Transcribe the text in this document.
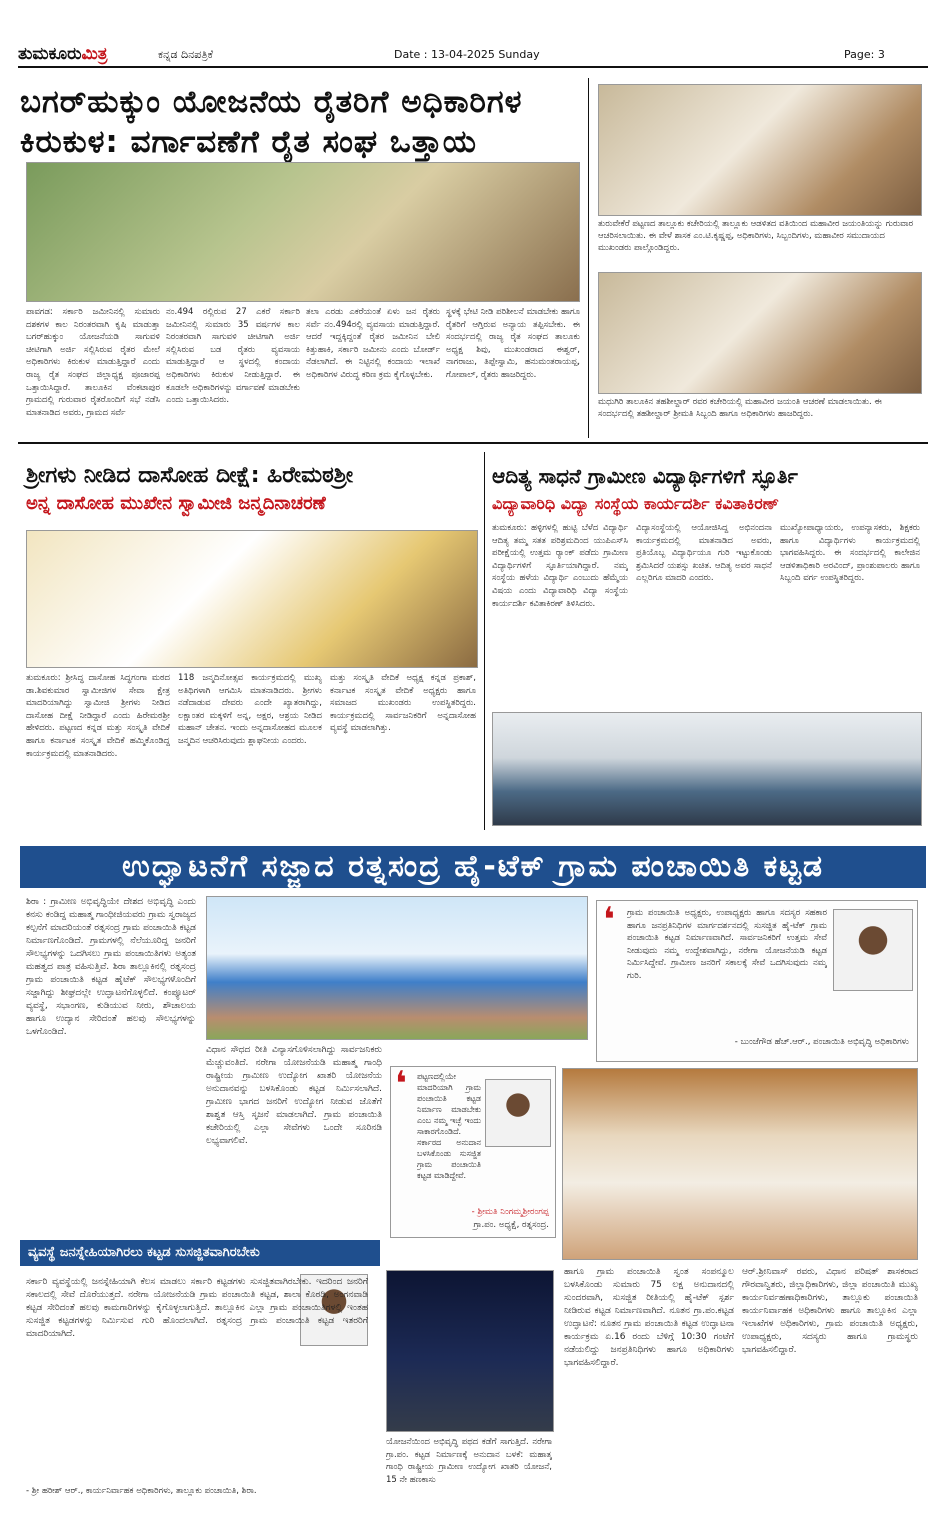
ತುಮಕೂರುಮಿತ್ರ	ಕನ್ನಡ ದಿನಪತ್ರಿಕೆ	Date : 13-04-2025 Sunday	Page: 3
ಬಗರ್‌ಹುಕ್ಕುಂ ಯೋಜನೆಯ ರೈತರಿಗೆ ಅಧಿಕಾರಿಗಳ ಕಿರುಕುಳ: ವರ್ಗಾವಣೆಗೆ ರೈತ ಸಂಘ ಒತ್ತಾಯ
ಪಾವಗಡ: ಸರ್ಕಾರಿ ಜಮೀನಿನಲ್ಲಿ ಸುಮಾರು ದಶಕಗಳ ಕಾಲ ನಿರಂತರವಾಗಿ ಕೃಷಿ ಮಾಡುತ್ತಾ ಬಗರ್‌ಹುಕ್ಕುಂ ಯೋಜನೆಯಡಿ ಸಾಗುವಳಿ ಚೀಟಿಗಾಗಿ ಅರ್ಜಿ ಸಲ್ಲಿಸಿರುವ ರೈತರ ಮೇಲೆ ಅಧಿಕಾರಿಗಳು ಕಿರುಕುಳ ಮಾಡುತ್ತಿದ್ದಾರೆ ಎಂದು ರಾಜ್ಯ ರೈತ ಸಂಘದ ಜಿಲ್ಲಾಧ್ಯಕ್ಷ ಪೂಜಾರಪ್ಪ ಒತ್ತಾಯಿಸಿದ್ದಾರೆ. ತಾಲೂಕಿನ ವೆಂಕಟಾಪುರ ಗ್ರಾಮದಲ್ಲಿ ಗುರುವಾರ ರೈತರೊಂದಿಗೆ ಸಭೆ ನಡೆಸಿ ಮಾತನಾಡಿದ ಅವರು, ಗ್ರಾಮದ ಸರ್ವೆ
ನಂ.494 ರಲ್ಲಿರುವ 27 ಎಕರೆ ಸರ್ಕಾರಿ ಜಮೀನಿನಲ್ಲಿ ಸುಮಾರು 35 ವರ್ಷಗಳ ಕಾಲ ನಿರಂತರವಾಗಿ ಸಾಗುವಳಿ ಚೀಟಿಗಾಗಿ ಅರ್ಜಿ ಸಲ್ಲಿಸಿರುವ ಬಡ ರೈತರು ವ್ಯವಸಾಯ ಮಾಡುತ್ತಿದ್ದಾರೆ ಆ ಸ್ಥಳದಲ್ಲಿ ಕಂದಾಯ ಅಧಿಕಾರಿಗಳು ಕಿರುಕುಳ ನೀಡುತ್ತಿದ್ದಾರೆ. ಈ ಕೂಡಲೇ ಅಧಿಕಾರಿಗಳನ್ನು ವರ್ಗಾವಣೆ ಮಾಡಬೇಕು ಎಂದು ಒತ್ತಾಯಿಸಿದರು.
ತಲಾ ಎರಡು ಎಕರೆಯಂತೆ ಏಳು ಜನ ರೈತರು ಸರ್ವೆ ನಂ.494ರಲ್ಲಿ ವ್ಯವಸಾಯ ಮಾಡುತ್ತಿದ್ದಾರೆ. ಆದರೆ ಇದ್ದಕ್ಕಿದ್ದಂತೆ ರೈತರ ಜಮೀನಿನ ಬೇಲಿ ಕಿತ್ತುಹಾಕಿ, ಸರ್ಕಾರಿ ಜಮೀನು ಎಂದು ಬೋರ್ಡ್ ನೆಡಲಾಗಿದೆ. ಈ ನಿಟ್ಟಿನಲ್ಲಿ ಕಂದಾಯ ಇಲಾಖೆ ಅಧಿಕಾರಿಗಳ ವಿರುದ್ಧ ಕಠಿಣ ಕ್ರಮ ಕೈಗೊಳ್ಳಬೇಕು.
ಸ್ಥಳಕ್ಕೆ ಭೇಟಿ ನೀಡಿ ಪರಿಶೀಲನೆ ಮಾಡಬೇಕು ಹಾಗೂ ರೈತರಿಗೆ ಆಗ್ತಿರುವ ಅನ್ಯಾಯ ತಪ್ಪಿಸಬೇಕು. ಈ ಸಂದರ್ಭದಲ್ಲಿ ರಾಜ್ಯ ರೈತ ಸಂಘದ ತಾಲೂಕು ಅಧ್ಯಕ್ಷ ಶಿವು, ಮುಖಂಡರಾದ ಈಶ್ವರ್, ನಾಗರಾಜು, ತಿಪ್ಪೇಸ್ವಾಮಿ, ಹನುಮಂತರಾಯಪ್ಪ, ಗೋಪಾಲ್, ರೈತರು ಹಾಜರಿದ್ದರು.
ತುರುವೇಕೆರೆ ಪಟ್ಟಣದ ತಾಲ್ಲೂಕು ಕಚೇರಿಯಲ್ಲಿ ತಾಲ್ಲೂಕು ಆಡಳಿತದ ವತಿಯಿಂದ ಮಹಾವೀರ ಜಯಂತಿಯನ್ನು ಗುರುವಾರ ಆಚರಿಸಲಾಯಿತು. ಈ ವೇಳೆ ಶಾಸಕ ಎಂ.ಟಿ.ಕೃಷ್ಣಪ್ಪ, ಅಧಿಕಾರಿಗಳು, ಸಿಬ್ಬಂದಿಗಳು, ಮಹಾವೀರ ಸಮುದಾಯದ ಮುಖಂಡರು ಪಾಲ್ಗೊಂಡಿದ್ದರು.
ಮಧುಗಿರಿ ತಾಲೂಕಿನ ತಹಶೀಲ್ದಾರ್ ರವರ ಕಚೇರಿಯಲ್ಲಿ ಮಹಾವೀರ ಜಯಂತಿ ಆಚರಣೆ ಮಾಡಲಾಯಿತು. ಈ ಸಂದರ್ಭದಲ್ಲಿ ತಹಶೀಲ್ದಾರ್ ಶ್ರೀಮತಿ ಸಿಬ್ಬಂದಿ ಹಾಗೂ ಅಧಿಕಾರಿಗಳು ಹಾಜರಿದ್ದರು.
ಶ್ರೀಗಳು ನೀಡಿದ ದಾಸೋಹ ದೀಕ್ಷೆ: ಹಿರೇಮಠಶ್ರೀ
ಅನ್ನ ದಾಸೋಹ ಮುಖೇನ ಸ್ವಾಮೀಜಿ ಜನ್ಮದಿನಾಚರಣೆ
ತುಮಕೂರು: ಶ್ರೀಸಿದ್ಧ ದಾಸೋಹ ಸಿದ್ಧಗಂಗಾ ಮಠದ ಡಾ.ಶಿವಕುಮಾರ ಸ್ವಾಮೀಜಿಗಳ ಸೇವಾ ಕ್ಷೇತ್ರ ಮಾದರಿಯಾಗಿದ್ದು ಸ್ವಾಮೀಜಿ ಶ್ರೀಗಳು ನೀಡಿದ ದಾಸೋಹ ದೀಕ್ಷೆ ನೀಡಿದ್ದಾರೆ ಎಂದು ಹಿರೇಮಠಶ್ರೀ ಹೇಳಿದರು. ಪಟ್ಟಣದ ಕನ್ನಡ ಮತ್ತು ಸಂಸ್ಕೃತಿ ವೇದಿಕೆ ಹಾಗೂ ಕರ್ನಾಟಕ ಸಂಸ್ಕೃತ ವೇದಿಕೆ ಹಮ್ಮಿಕೊಂಡಿದ್ದ ಕಾರ್ಯಕ್ರಮದಲ್ಲಿ ಮಾತನಾಡಿದರು.
118 ಜನ್ಮದಿನೋತ್ಸವ ಕಾರ್ಯಕ್ರಮದಲ್ಲಿ ಮುಖ್ಯ ಅತಿಥಿಗಳಾಗಿ ಆಗಮಿಸಿ ಮಾತನಾಡಿದರು. ಶ್ರೀಗಳು ನಡೆದಾಡುವ ದೇವರು ಎಂದೇ ಖ್ಯಾತರಾಗಿದ್ದು, ಲಕ್ಷಾಂತರ ಮಕ್ಕಳಿಗೆ ಅನ್ನ, ಅಕ್ಷರ, ಆಶ್ರಯ ನೀಡಿದ ಮಹಾನ್ ಚೇತನ. ಇಂದು ಅನ್ನದಾಸೋಹದ ಮೂಲಕ ಜನ್ಮದಿನ ಆಚರಿಸಿರುವುದು ಶ್ಲಾಘನೀಯ ಎಂದರು.
ಮತ್ತು ಸಂಸ್ಕೃತಿ ವೇದಿಕೆ ಅಧ್ಯಕ್ಷ ಕನ್ನಡ ಪ್ರಕಾಶ್, ಕರ್ನಾಟಕ ಸಂಸ್ಕೃತ ವೇದಿಕೆ ಅಧ್ಯಕ್ಷರು ಹಾಗೂ ಸಮಾಜದ ಮುಖಂಡರು ಉಪಸ್ಥಿತರಿದ್ದರು. ಕಾರ್ಯಕ್ರಮದಲ್ಲಿ ಸಾರ್ವಜನಿಕರಿಗೆ ಅನ್ನದಾಸೋಹ ವ್ಯವಸ್ಥೆ ಮಾಡಲಾಗಿತ್ತು.
ಆದಿತ್ಯ ಸಾಧನೆ ಗ್ರಾಮೀಣ ವಿದ್ಯಾರ್ಥಿಗಳಿಗೆ ಸ್ಫೂರ್ತಿ
ವಿದ್ಯಾವಾರಿಧಿ ವಿದ್ಯಾ ಸಂಸ್ಥೆಯ ಕಾರ್ಯದರ್ಶಿ ಕವಿತಾಕಿರಣ್
ತುಮಕೂರು: ಹಳ್ಳಿಗಳಲ್ಲಿ ಹುಟ್ಟಿ ಬೆಳೆದ ವಿದ್ಯಾರ್ಥಿ ಆದಿತ್ಯ ತಮ್ಮ ಸತತ ಪರಿಶ್ರಮದಿಂದ ಯುಪಿಎಸ್‌ಸಿ ಪರೀಕ್ಷೆಯಲ್ಲಿ ಉತ್ತಮ ರ‍್ಯಾಂಕ್ ಪಡೆದು ಗ್ರಾಮೀಣ ವಿದ್ಯಾರ್ಥಿಗಳಿಗೆ ಸ್ಫೂರ್ತಿಯಾಗಿದ್ದಾರೆ. ನಮ್ಮ ಸಂಸ್ಥೆಯ ಹಳೆಯ ವಿದ್ಯಾರ್ಥಿ ಎಂಬುದು ಹೆಮ್ಮೆಯ ವಿಷಯ ಎಂದು ವಿದ್ಯಾವಾರಿಧಿ ವಿದ್ಯಾ ಸಂಸ್ಥೆಯ ಕಾರ್ಯದರ್ಶಿ ಕವಿತಾಕಿರಣ್ ತಿಳಿಸಿದರು.
ವಿದ್ಯಾಸಂಸ್ಥೆಯಲ್ಲಿ ಆಯೋಜಿಸಿದ್ದ ಅಭಿನಂದನಾ ಕಾರ್ಯಕ್ರಮದಲ್ಲಿ ಮಾತನಾಡಿದ ಅವರು, ಪ್ರತಿಯೊಬ್ಬ ವಿದ್ಯಾರ್ಥಿಯೂ ಗುರಿ ಇಟ್ಟುಕೊಂಡು ಶ್ರಮಿಸಿದರೆ ಯಶಸ್ಸು ಖಚಿತ. ಆದಿತ್ಯ ಅವರ ಸಾಧನೆ ಎಲ್ಲರಿಗೂ ಮಾದರಿ ಎಂದರು.
ಮುಖ್ಯೋಪಾಧ್ಯಾಯರು, ಉಪನ್ಯಾಸಕರು, ಶಿಕ್ಷಕರು ಹಾಗೂ ವಿದ್ಯಾರ್ಥಿಗಳು ಕಾರ್ಯಕ್ರಮದಲ್ಲಿ ಭಾಗವಹಿಸಿದ್ದರು. ಈ ಸಂದರ್ಭದಲ್ಲಿ ಕಾಲೇಜಿನ ಆಡಳಿತಾಧಿಕಾರಿ ಅರವಿಂದ್, ಪ್ರಾಂಶುಪಾಲರು ಹಾಗೂ ಸಿಬ್ಬಂದಿ ವರ್ಗ ಉಪಸ್ಥಿತರಿದ್ದರು.
ಉದ್ಘಾಟನೆಗೆ ಸಜ್ಜಾದ ರತ್ನಸಂದ್ರ ಹೈ-ಟೆಕ್ ಗ್ರಾಮ ಪಂಚಾಯಿತಿ ಕಟ್ಟಡ
ಶಿರಾ : ಗ್ರಾಮೀಣ ಅಭಿವೃದ್ಧಿಯೇ ದೇಶದ ಅಭಿವೃದ್ಧಿ ಎಂದು ಕನಸು ಕಂಡಿದ್ದ ಮಹಾತ್ಮ ಗಾಂಧೀಜಿಯವರು ಗ್ರಾಮ ಸ್ವರಾಜ್ಯದ ಕಲ್ಪನೆಗೆ ಮಾದರಿಯಂತೆ ರತ್ನಸಂದ್ರ ಗ್ರಾಮ ಪಂಚಾಯಿತಿ ಕಟ್ಟಡ ನಿರ್ಮಾಣಗೊಂಡಿದೆ. ಗ್ರಾಮಗಳಲ್ಲಿ ನೆಲೆಯೂರಿದ್ದ ಜನರಿಗೆ ಸೌಲಭ್ಯಗಳನ್ನು ಒದಗಿಸಲು ಗ್ರಾಮ ಪಂಚಾಯಿತಿಗಳು ಅತ್ಯಂತ ಮಹತ್ವದ ಪಾತ್ರ ವಹಿಸುತ್ತಿವೆ. ಶಿರಾ ತಾಲ್ಲೂಕಿನಲ್ಲಿ ರತ್ನಸಂದ್ರ ಗ್ರಾಮ ಪಂಚಾಯಿತಿ ಕಟ್ಟಡ ಹೈಟೆಕ್ ಸೌಲಭ್ಯಗಳೊಂದಿಗೆ ಸಜ್ಜಾಗಿದ್ದು ಶೀಘ್ರದಲ್ಲೇ ಉದ್ಘಾಟನೆಗೊಳ್ಳಲಿದೆ. ಕಂಪ್ಯೂಟರ್ ವ್ಯವಸ್ಥೆ, ಸಭಾಂಗಣ, ಕುಡಿಯುವ ನೀರು, ಶೌಚಾಲಯ ಹಾಗೂ ಉದ್ಯಾನ ಸೇರಿದಂತೆ ಹಲವು ಸೌಲಭ್ಯಗಳನ್ನು ಒಳಗೊಂಡಿದೆ.
ವಿಧಾನ ಸೌಧದ ರೀತಿ ವಿನ್ಯಾಸಗೊಳಿಸಲಾಗಿದ್ದು ಸಾರ್ವಜನಿಕರು ಮೆಚ್ಚುವಂತಿದೆ. ನರೇಗಾ ಯೋಜನೆಯಡಿ ಮಹಾತ್ಮ ಗಾಂಧಿ ರಾಷ್ಟ್ರೀಯ ಗ್ರಾಮೀಣ ಉದ್ಯೋಗ ಖಾತರಿ ಯೋಜನೆಯ ಅನುದಾನವನ್ನು ಬಳಸಿಕೊಂಡು ಕಟ್ಟಡ ನಿರ್ಮಿಸಲಾಗಿದೆ. ಗ್ರಾಮೀಣ ಭಾಗದ ಜನರಿಗೆ ಉದ್ಯೋಗ ನೀಡುವ ಜೊತೆಗೆ ಶಾಶ್ವತ ಆಸ್ತಿ ಸೃಜನೆ ಮಾಡಲಾಗಿದೆ. ಗ್ರಾಮ ಪಂಚಾಯಿತಿ ಕಚೇರಿಯಲ್ಲಿ ಎಲ್ಲಾ ಸೇವೆಗಳು ಒಂದೇ ಸೂರಿನಡಿ ಲಭ್ಯವಾಗಲಿವೆ.
❛ ಗ್ರಾಮ ಪಂಚಾಯಿತಿ ಅಧ್ಯಕ್ಷರು, ಉಪಾಧ್ಯಕ್ಷರು ಹಾಗೂ ಸದಸ್ಯರ ಸಹಕಾರ ಹಾಗೂ ಜನಪ್ರತಿನಿಧಿಗಳ ಮಾರ್ಗದರ್ಶನದಲ್ಲಿ ಸುಸಜ್ಜಿತ ಹೈ-ಟೆಕ್ ಗ್ರಾಮ ಪಂಚಾಯಿತಿ ಕಟ್ಟಡ ನಿರ್ಮಾಣವಾಗಿದೆ. ಸಾರ್ವಜನಿಕರಿಗೆ ಉತ್ತಮ ಸೇವೆ ನೀಡುವುದು ನಮ್ಮ ಉದ್ದೇಶವಾಗಿದ್ದು, ನರೇಗಾ ಯೋಜನೆಯಡಿ ಕಟ್ಟಡ ನಿರ್ಮಿಸಿದ್ದೇವೆ. ಗ್ರಾಮೀಣ ಜನರಿಗೆ ಸಕಾಲಕ್ಕೆ ಸೇವೆ ಒದಗಿಸುವುದು ನಮ್ಮ ಗುರಿ.
- ಬುಂಜೆಗೌಡ ಹೆಚ್.ಆರ್., ಪಂಚಾಯಿತಿ ಅಭಿವೃದ್ಧಿ ಅಧಿಕಾರಿಗಳು
❛ ಪಟ್ಟಣದಲ್ಲಿಯೇ ಮಾದರಿಯಾಗಿ ಗ್ರಾಮ ಪಂಚಾಯಿತಿ ಕಟ್ಟಡ ನಿರ್ಮಾಣ ಮಾಡಬೇಕು ಎಂಬ ನಮ್ಮ ಇಚ್ಛೆ ಇಂದು ಸಾಕಾರಗೊಂಡಿದೆ. ಸರ್ಕಾರದ ಅನುದಾನ ಬಳಸಿಕೊಂಡು ಸುಸಜ್ಜಿತ ಗ್ರಾಮ ಪಂಚಾಯಿತಿ ಕಟ್ಟಡ ಮಾಡಿದ್ದೇವೆ.
- ಶ್ರೀಮತಿ ನಿಂಗಮ್ಮಶ್ರೀರಂಗಪ್ಪ
ಗ್ರಾ.ಪಂ. ಅಧ್ಯಕ್ಷೆ, ರತ್ನಸಂದ್ರ.
ವ್ಯವಸ್ಥೆ ಜನಸ್ನೇಹಿಯಾಗಿರಲು ಕಟ್ಟಡ ಸುಸಜ್ಜಿತವಾಗಿರಬೇಕು
ಸರ್ಕಾರಿ ವ್ಯವಸ್ಥೆಯಲ್ಲಿ ಜನಸ್ನೇಹಿಯಾಗಿ ಕೆಲಸ ಮಾಡಲು ಸರ್ಕಾರಿ ಕಟ್ಟಡಗಳು ಸುಸಜ್ಜಿತವಾಗಿರಬೇಕು. ಇದರಿಂದ ಜನರಿಗೆ ಸಕಾಲದಲ್ಲಿ ಸೇವೆ ದೊರೆಯುತ್ತದೆ. ನರೇಗಾ ಯೋಜನೆಯಡಿ ಗ್ರಾಮ ಪಂಚಾಯಿತಿ ಕಟ್ಟಡ, ಶಾಲಾ ಕೊಠಡಿ, ಅಂಗನವಾಡಿ ಕಟ್ಟಡ ಸೇರಿದಂತೆ ಹಲವು ಕಾಮಗಾರಿಗಳನ್ನು ಕೈಗೊಳ್ಳಲಾಗುತ್ತಿದೆ. ತಾಲ್ಲೂಕಿನ ಎಲ್ಲಾ ಗ್ರಾಮ ಪಂಚಾಯಿತಿಗಳಲ್ಲಿ ಇಂತಹ ಸುಸಜ್ಜಿತ ಕಟ್ಟಡಗಳನ್ನು ನಿರ್ಮಿಸುವ ಗುರಿ ಹೊಂದಲಾಗಿದೆ. ರತ್ನಸಂದ್ರ ಗ್ರಾಮ ಪಂಚಾಯಿತಿ ಕಟ್ಟಡ ಇತರರಿಗೆ ಮಾದರಿಯಾಗಿದೆ.
- ಶ್ರೀ ಹರೀಶ್ ಆರ್., ಕಾರ್ಯನಿರ್ವಾಹಕ ಅಧಿಕಾರಿಗಳು, ತಾಲ್ಲೂಕು ಪಂಚಾಯಿತಿ, ಶಿರಾ.
ಯೋಜನೆಯಿಂದ ಅಭಿವೃದ್ಧಿ ಪಥದ ಕಡೆಗೆ ಸಾಗುತ್ತಿದೆ. ನರೇಗಾ ಗ್ರಾ.ಪಂ. ಕಟ್ಟಡ ನಿರ್ಮಾಣಕ್ಕೆ ಅನುದಾನ ಬಳಕೆ: ಮಹಾತ್ಮ ಗಾಂಧಿ ರಾಷ್ಟ್ರೀಯ ಗ್ರಾಮೀಣ ಉದ್ಯೋಗ ಖಾತರಿ ಯೋಜನೆ, 15 ನೇ ಹಣಕಾಸು
ಹಾಗೂ ಗ್ರಾಮ ಪಂಚಾಯಿತಿ ಸ್ವಂತ ಸಂಪನ್ಮೂಲ ಬಳಸಿಕೊಂಡು ಸುಮಾರು 75 ಲಕ್ಷ ಅನುದಾನದಲ್ಲಿ ಸುಂದರವಾಗಿ, ಸುಸಜ್ಜಿತ ರೀತಿಯಲ್ಲಿ ಹೈ-ಟೆಕ್ ಸ್ಪರ್ಶ ನೀಡಿರುವ ಕಟ್ಟಡ ನಿರ್ಮಾಣವಾಗಿದೆ. ನೂತನ ಗ್ರಾ.ಪಂ.ಕಟ್ಟಡ ಉದ್ಘಾಟನೆ: ನೂತನ ಗ್ರಾಮ ಪಂಚಾಯಿತಿ ಕಟ್ಟಡ ಉದ್ಘಾಟನಾ ಕಾರ್ಯಕ್ರಮ ಏ.16 ರಂದು ಬೆಳಿಗ್ಗೆ 10:30 ಗಂಟೆಗೆ ನಡೆಯಲಿದ್ದು ಜನಪ್ರತಿನಿಧಿಗಳು ಹಾಗೂ ಅಧಿಕಾರಿಗಳು ಭಾಗವಹಿಸಲಿದ್ದಾರೆ.
ಆರ್.ಶ್ರೀನಿವಾಸ್ ರವರು, ವಿಧಾನ ಪರಿಷತ್ ಶಾಸಕರಾದ ಗೌರವಾನ್ವಿತರು, ಜಿಲ್ಲಾಧಿಕಾರಿಗಳು, ಜಿಲ್ಲಾ ಪಂಚಾಯಿತಿ ಮುಖ್ಯ ಕಾರ್ಯನಿರ್ವಹಣಾಧಿಕಾರಿಗಳು, ತಾಲ್ಲೂಕು ಪಂಚಾಯಿತಿ ಕಾರ್ಯನಿರ್ವಾಹಕ ಅಧಿಕಾರಿಗಳು ಹಾಗೂ ತಾಲ್ಲೂಕಿನ ಎಲ್ಲಾ ಇಲಾಖೆಗಳ ಅಧಿಕಾರಿಗಳು, ಗ್ರಾಮ ಪಂಚಾಯಿತಿ ಅಧ್ಯಕ್ಷರು, ಉಪಾಧ್ಯಕ್ಷರು, ಸದಸ್ಯರು ಹಾಗೂ ಗ್ರಾಮಸ್ಥರು ಭಾಗವಹಿಸಲಿದ್ದಾರೆ.
